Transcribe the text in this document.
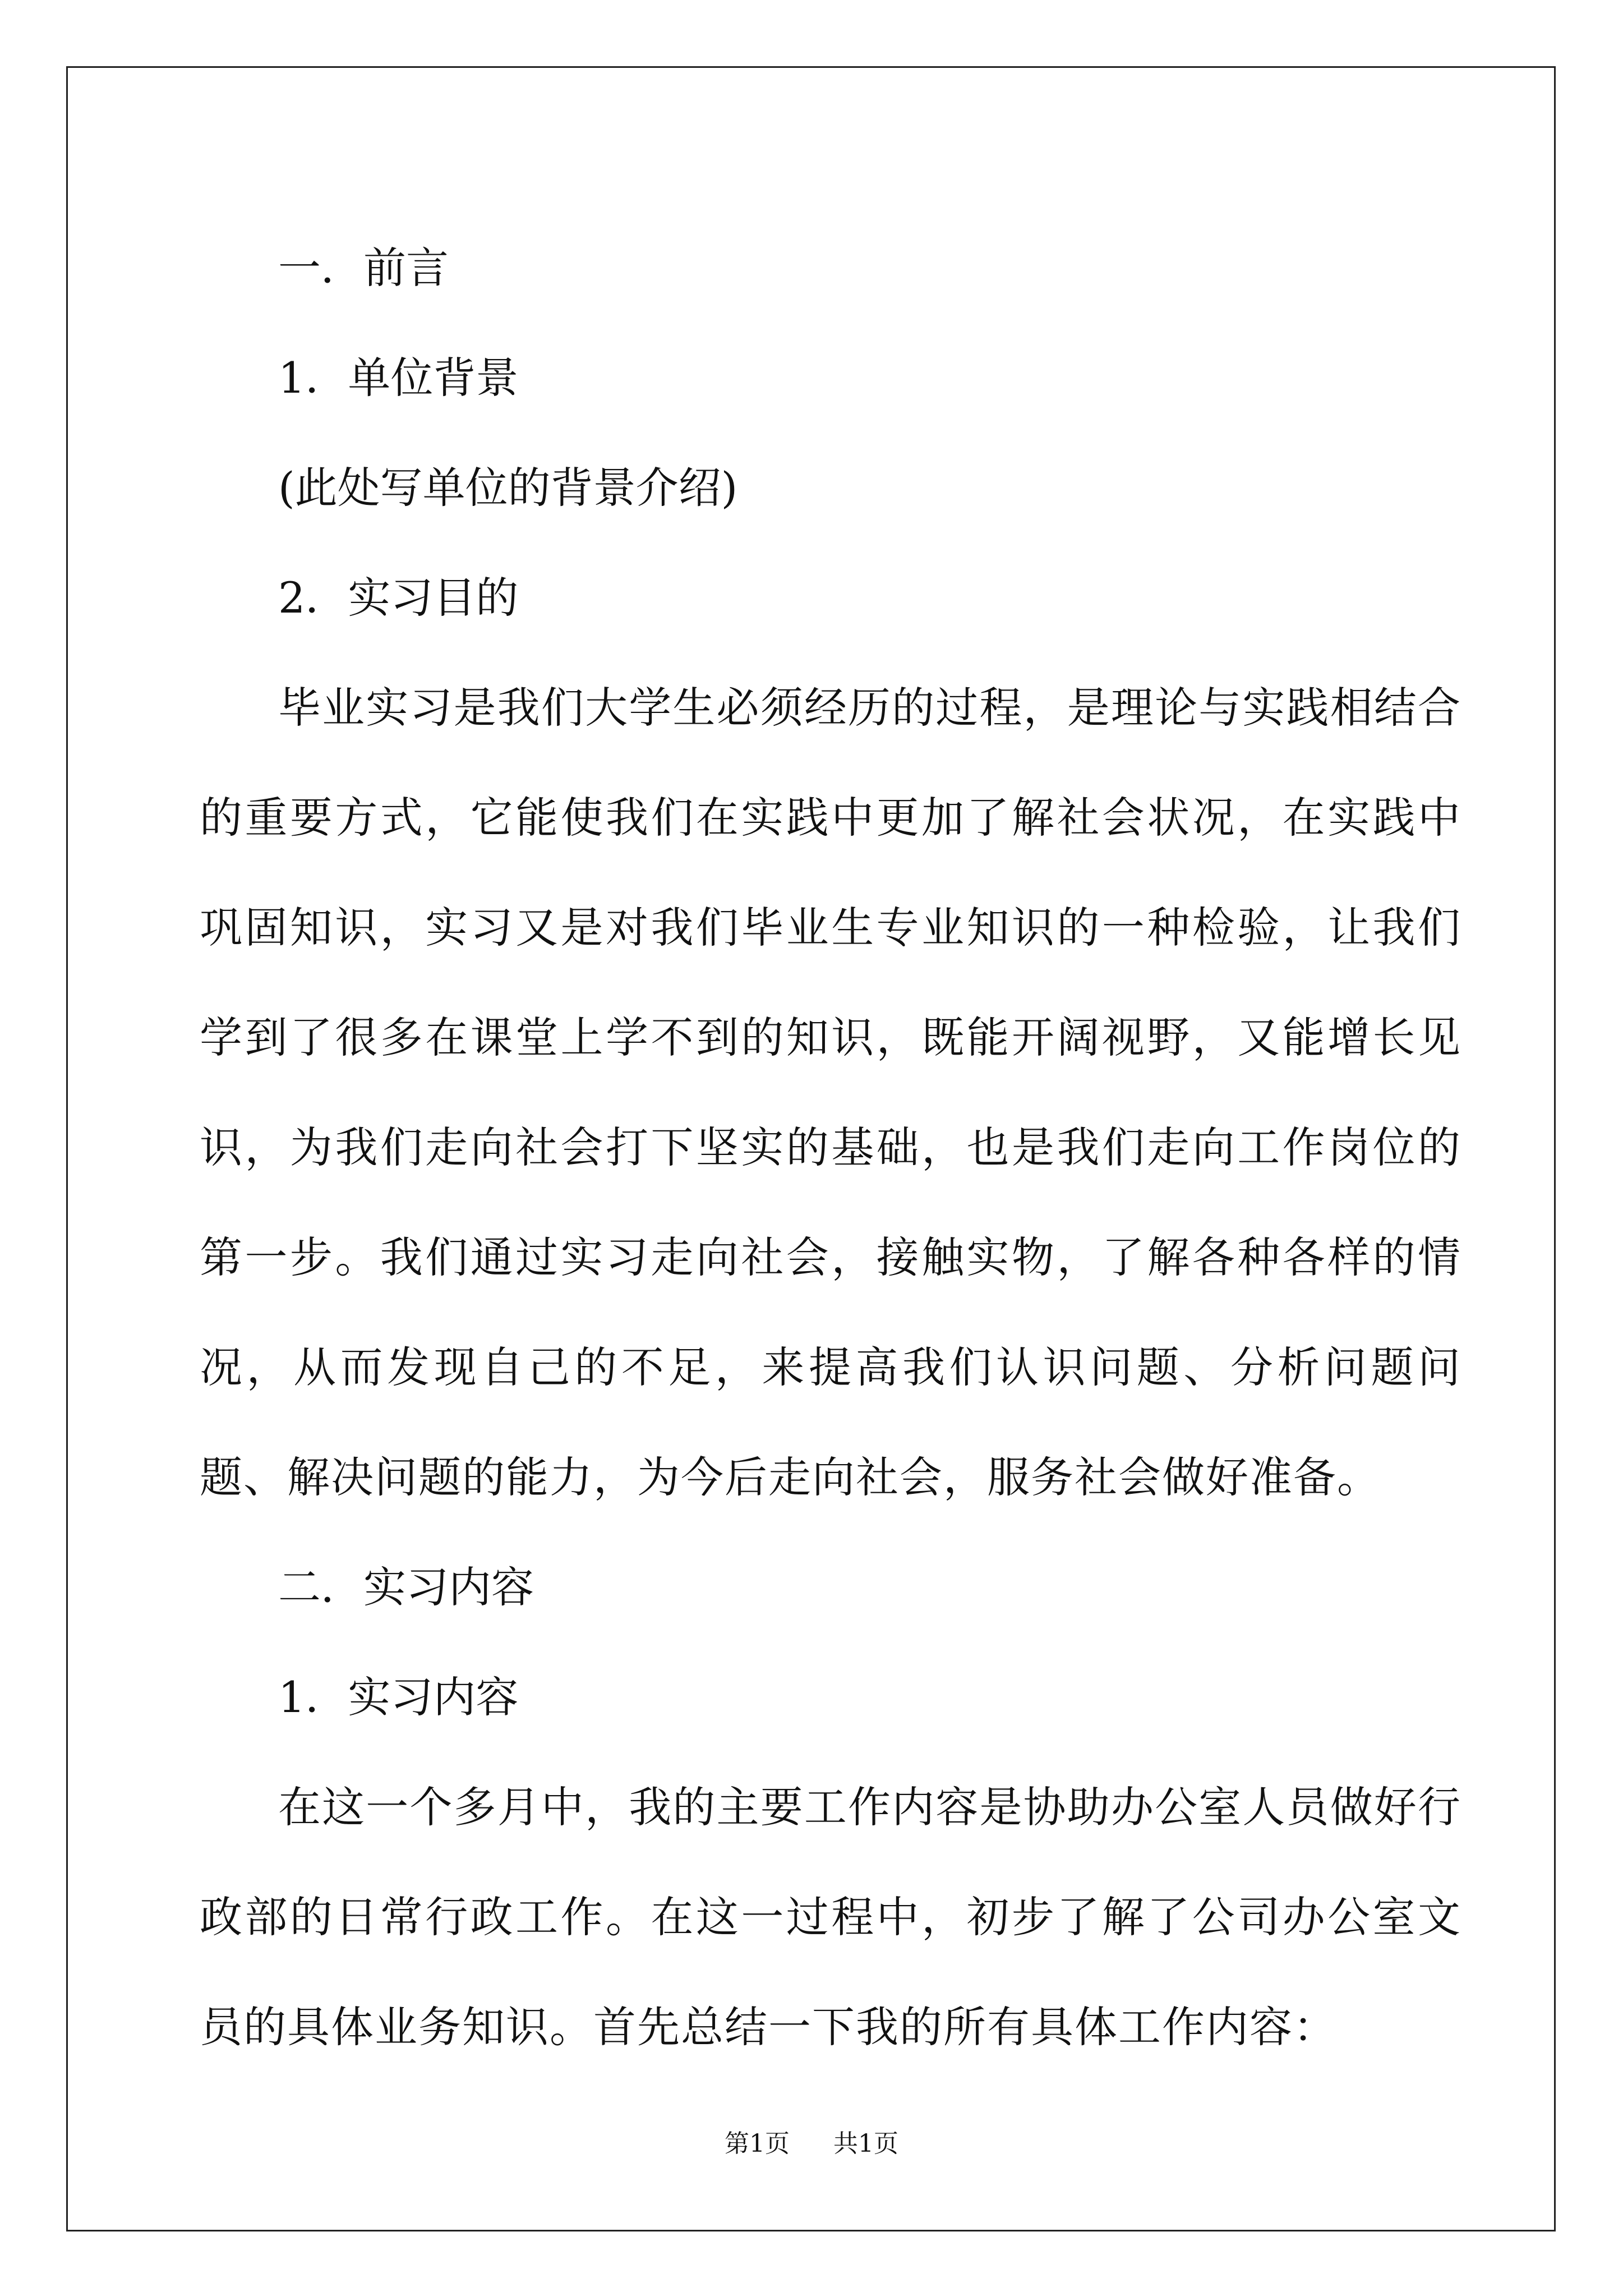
一．前言

1．单位背景

(此处写单位的背景介绍)

2．实习目的

毕业实习是我们大学生必须经历的过程，是理论与实践相结合的重要方式，它能使我们在实践中更加了解社会状况，在实践中巩固知识，实习又是对我们毕业生专业知识的一种检验，让我们学到了很多在课堂上学不到的知识，既能开阔视野，又能增长见识，为我们走向社会打下坚实的基础，也是我们走向工作岗位的第一步。我们通过实习走向社会，接触实物，了解各种各样的情况，从而发现自己的不足，来提高我们认识问题、分析问题问题、解决问题的能力，为今后走向社会，服务社会做好准备。

二．实习内容

1．实习内容

在这一个多月中，我的主要工作内容是协助办公室人员做好行政部的日常行政工作。在这一过程中，初步了解了公司办公室文员的具体业务知识。首先总结一下我的所有具体工作内容：

第1页 共1页
